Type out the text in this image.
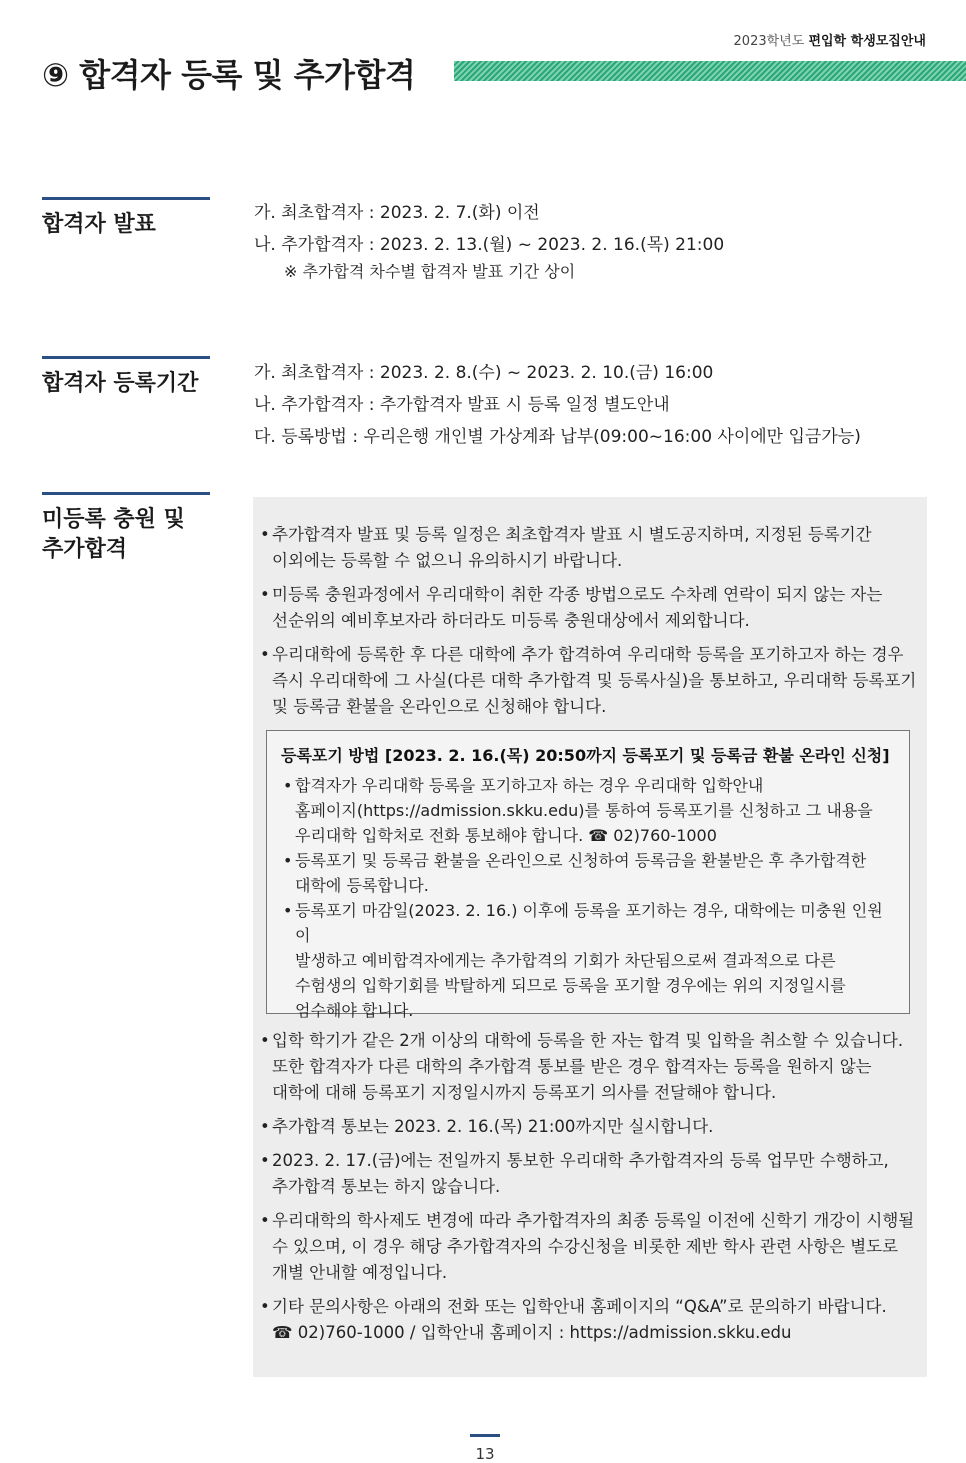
2023학년도 편입학 학생모집안내
⑨ 합격자 등록 및 추가합격
합격자 발표	가. 최초합격자 : 2023. 2. 7.(화) 이전
나. 추가합격자 : 2023. 2. 13.(월) ~ 2023. 2. 16.(목) 21:00
※ 추가합격 차수별 합격자 발표 기간 상이
합격자 등록기간	가. 최초합격자 : 2023. 2. 8.(수) ~ 2023. 2. 10.(금) 16:00
나. 추가합격자 : 추가합격자 발표 시 등록 일정 별도안내
다. 등록방법 : 우리은행 개인별 가상계좌 납부(09:00~16:00 사이에만 입금가능)
미등록 충원 및
추가합격
• 추가합격자 발표 및 등록 일정은 최초합격자 발표 시 별도공지하며, 지정된 등록기간
이외에는 등록할 수 없으니 유의하시기 바랍니다.
• 미등록 충원과정에서 우리대학이 취한 각종 방법으로도 수차례 연락이 되지 않는 자는
선순위의 예비후보자라 하더라도 미등록 충원대상에서 제외합니다.
• 우리대학에 등록한 후 다른 대학에 추가 합격하여 우리대학 등록을 포기하고자 하는 경우
즉시 우리대학에 그 사실(다른 대학 추가합격 및 등록사실)을 통보하고, 우리대학 등록포기
및 등록금 환불을 온라인으로 신청해야 합니다.
등록포기 방법 [2023. 2. 16.(목) 20:50까지 등록포기 및 등록금 환불 온라인 신청]
• 합격자가 우리대학 등록을 포기하고자 하는 경우 우리대학 입학안내
홈페이지(https://admission.skku.edu)를 통하여 등록포기를 신청하고 그 내용을
우리대학 입학처로 전화 통보해야 합니다. ☎ 02)760-1000
• 등록포기 및 등록금 환불을 온라인으로 신청하여 등록금을 환불받은 후 추가합격한
대학에 등록합니다.
• 등록포기 마감일(2023. 2. 16.) 이후에 등록을 포기하는 경우, 대학에는 미충원 인원이
발생하고 예비합격자에게는 추가합격의 기회가 차단됨으로써 결과적으로 다른
수험생의 입학기회를 박탈하게 되므로 등록을 포기할 경우에는 위의 지정일시를
엄수해야 합니다.
• 입학 학기가 같은 2개 이상의 대학에 등록을 한 자는 합격 및 입학을 취소할 수 있습니다.
또한 합격자가 다른 대학의 추가합격 통보를 받은 경우 합격자는 등록을 원하지 않는
대학에 대해 등록포기 지정일시까지 등록포기 의사를 전달해야 합니다.
• 추가합격 통보는 2023. 2. 16.(목) 21:00까지만 실시합니다.
• 2023. 2. 17.(금)에는 전일까지 통보한 우리대학 추가합격자의 등록 업무만 수행하고,
추가합격 통보는 하지 않습니다.
• 우리대학의 학사제도 변경에 따라 추가합격자의 최종 등록일 이전에 신학기 개강이 시행될
수 있으며, 이 경우 해당 추가합격자의 수강신청을 비롯한 제반 학사 관련 사항은 별도로
개별 안내할 예정입니다.
• 기타 문의사항은 아래의 전화 또는 입학안내 홈페이지의 “Q&A”로 문의하기 바랍니다.
☎ 02)760-1000 / 입학안내 홈페이지 : https://admission.skku.edu
13
